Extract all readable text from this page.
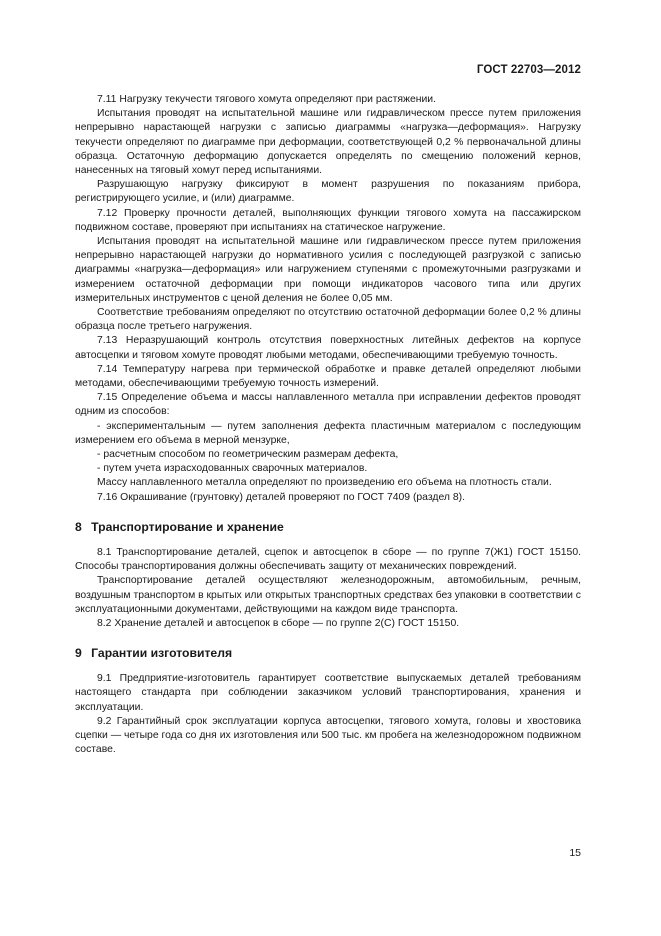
ГОСТ 22703—2012

7.11 Нагрузку текучести тягового хомута определяют при растяжении.

Испытания проводят на испытательной машине или гидравлическом прессе путем приложения непрерывно нарастающей нагрузки с записью диаграммы «нагрузка—деформация». Нагрузку текучести определяют по диаграмме при деформации, соответствующей 0,2 % первоначальной длины образца. Остаточную деформацию допускается определять по смещению положений кернов, нанесенных на тяговый хомут перед испытаниями.

Разрушающую нагрузку фиксируют в момент разрушения по показаниям прибора, регистрирующего усилие, и (или) диаграмме.

7.12 Проверку прочности деталей, выполняющих функции тягового хомута на пассажирском подвижном составе, проверяют при испытаниях на статическое нагружение.

Испытания проводят на испытательной машине или гидравлическом прессе путем приложения непрерывно нарастающей нагрузки до нормативного усилия с последующей разгрузкой с записью диаграммы «нагрузка—деформация» или нагружением ступенями с промежуточными разгрузками и измерением остаточной деформации при помощи индикаторов часового типа или других измерительных инструментов с ценой деления не более 0,05 мм.

Соответствие требованиям определяют по отсутствию остаточной деформации более 0,2 % длины образца после третьего нагружения.

7.13 Неразрушающий контроль отсутствия поверхностных литейных дефектов на корпусе автосцепки и тяговом хомуте проводят любыми методами, обеспечивающими требуемую точность.

7.14 Температуру нагрева при термической обработке и правке деталей определяют любыми методами, обеспечивающими требуемую точность измерений.

7.15 Определение объема и массы наплавленного металла при исправлении дефектов проводят одним из способов:

- экспериментальным — путем заполнения дефекта пластичным материалом с последующим измерением его объема в мерной мензурке,

- расчетным способом по геометрическим размерам дефекта,

- путем учета израсходованных сварочных материалов.

Массу наплавленного металла определяют по произведению его объема на плотность стали.

7.16 Окрашивание (грунтовку) деталей проверяют по ГОСТ 7409 (раздел 8).

8 Транспортирование и хранение

8.1 Транспортирование деталей, сцепок и автосцепок в сборе — по группе 7(Ж1) ГОСТ 15150. Способы транспортирования должны обеспечивать защиту от механических повреждений.

Транспортирование деталей осуществляют железнодорожным, автомобильным, речным, воздушным транспортом в крытых или открытых транспортных средствах без упаковки в соответствии с эксплуатационными документами, действующими на каждом виде транспорта.

8.2 Хранение деталей и автосцепок в сборе — по группе 2(С) ГОСТ 15150.

9 Гарантии изготовителя

9.1 Предприятие-изготовитель гарантирует соответствие выпускаемых деталей требованиям настоящего стандарта при соблюдении заказчиком условий транспортирования, хранения и эксплуатации.

9.2 Гарантийный срок эксплуатации корпуса автосцепки, тягового хомута, головы и хвостовика сцепки — четыре года со дня их изготовления или 500 тыс. км пробега на железнодорожном подвижном составе.

15
